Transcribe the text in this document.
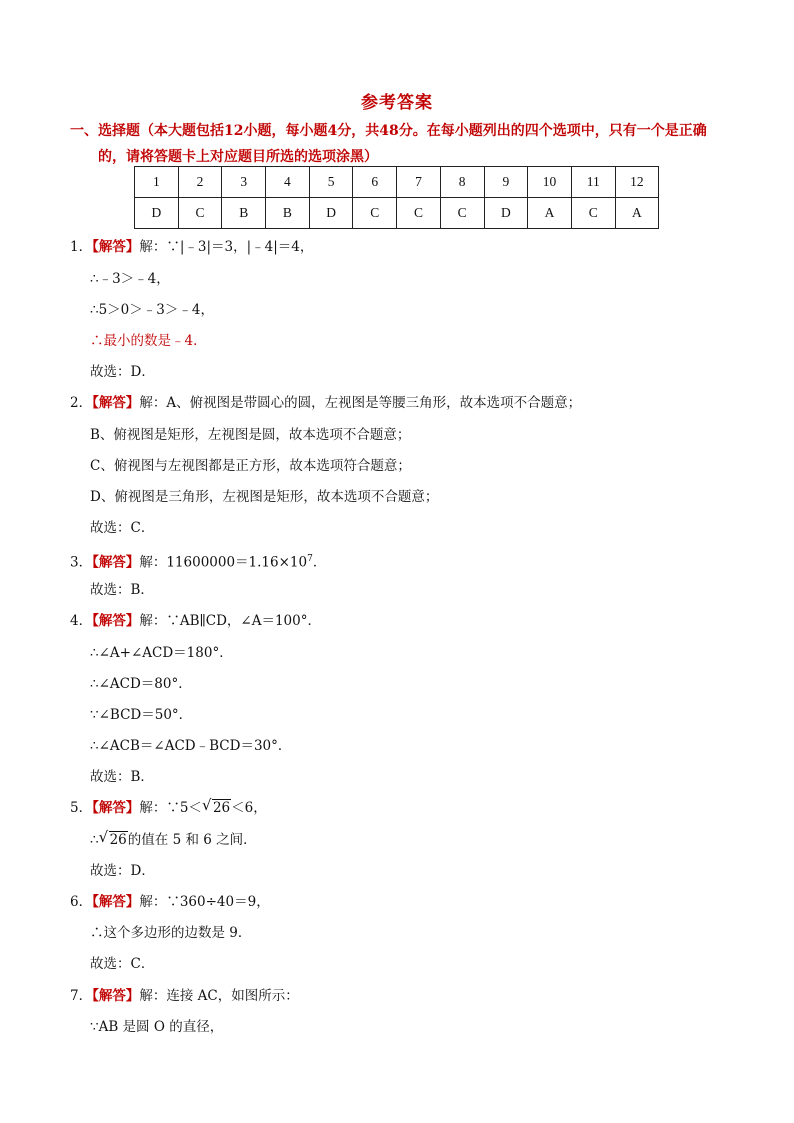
参考答案
一、选择题（本大题包括12小题，每小题4分，共48分。在每小题列出的四个选项中，只有一个是正确
的，请将答题卡上对应题目所选的选项涂黑）
1	2	3	4	5	6	7	8	9	10	11	12
D	C	B	B	D	C	C	C	D	A	C	A
1．【解答】解：∵|﹣3|＝3，|﹣4|＝4，
∴﹣3＞﹣4，
∴5＞0＞﹣3＞﹣4，
∴最小的数是﹣4．
故选：D．
2．【解答】解：A、俯视图是带圆心的圆，左视图是等腰三角形，故本选项不合题意；
B、俯视图是矩形，左视图是圆，故本选项不合题意；
C、俯视图与左视图都是正方形，故本选项符合题意；
D、俯视图是三角形，左视图是矩形，故本选项不合题意；
故选：C．
3．【解答】解：$11600000=1.16\times 10^7$．
故选：B．
4．【解答】解：∵AB∥CD，∠A＝100°．
∴∠A+∠ACD＝180°．
∴∠ACD＝80°．
∵∠BCD＝50°．
∴∠ACB＝∠ACD﹣BCD＝30°．
故选：B．
5．【解答】解：∵5＜ √ 26＜6，
∴ √ 26的值在 5 和 6 之间．
故选：D．
6．【解答】解：∵360÷40＝9，
∴这个多边形的边数是 9．
故选：C．
7．【解答】解：连接 AC，如图所示：
∵AB 是圆 O 的直径，
